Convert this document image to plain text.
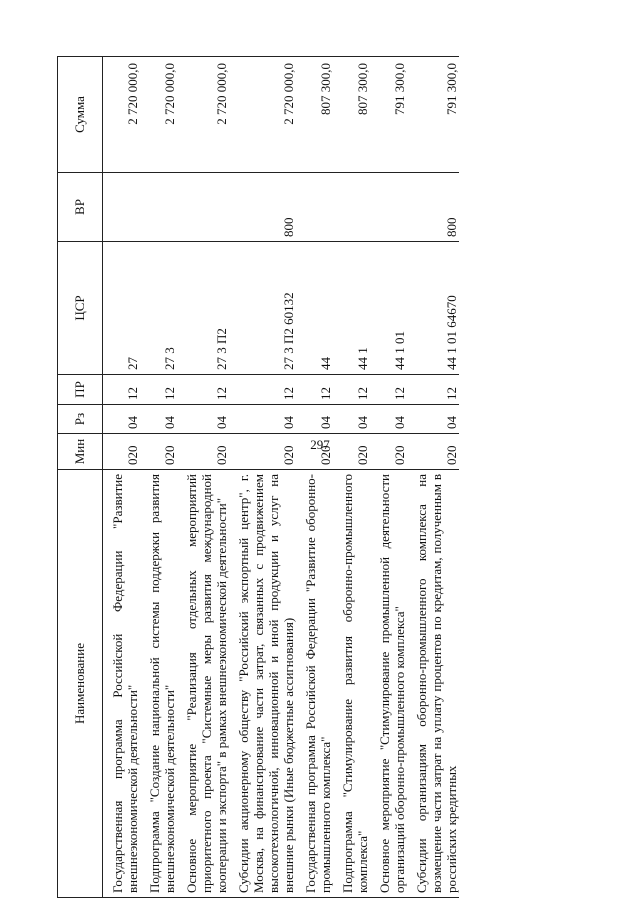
297
Наименование	Мин	Рз	ПР	ЦСР	ВР	Сумма
Государственная программа Российской Федерации "Развитие внешнеэкономической деятельности"	020	04	12	27		2 720 000,0
Подпрограмма "Создание национальной системы поддержки развития внешнеэкономической деятельности"	020	04	12	27 3		2 720 000,0
Основное мероприятие "Реализация отдельных мероприятий приоритетного проекта "Системные меры развития международной кооперации и экспорта" в рамках внешнеэкономической деятельности"	020	04	12	27 3 П2		2 720 000,0
Субсидии акционерному обществу "Российский экспортный центр", г. Москва, на финансирование части затрат, связанных с продвижением высокотехнологичной, инновационной и иной продукции и услуг на внешние рынки (Иные бюджетные ассигнования)	020	04	12	27 3 П2 60132	800	2 720 000,0
Государственная программа Российской Федерации "Развитие оборонно-промышленного комплекса"	020	04	12	44		807 300,0
Подпрограмма "Стимулирование развития оборонно-промышленного комплекса"	020	04	12	44 1		807 300,0
Основное мероприятие "Стимулирование промышленной деятельности организаций оборонно-промышленного комплекса"	020	04	12	44 1 01		791 300,0
Субсидии организациям оборонно-промышленного комплекса на возмещение части затрат на уплату процентов по кредитам, полученным в российских кредитных	020	04	12	44 1 01 64670	800	791 300,0
